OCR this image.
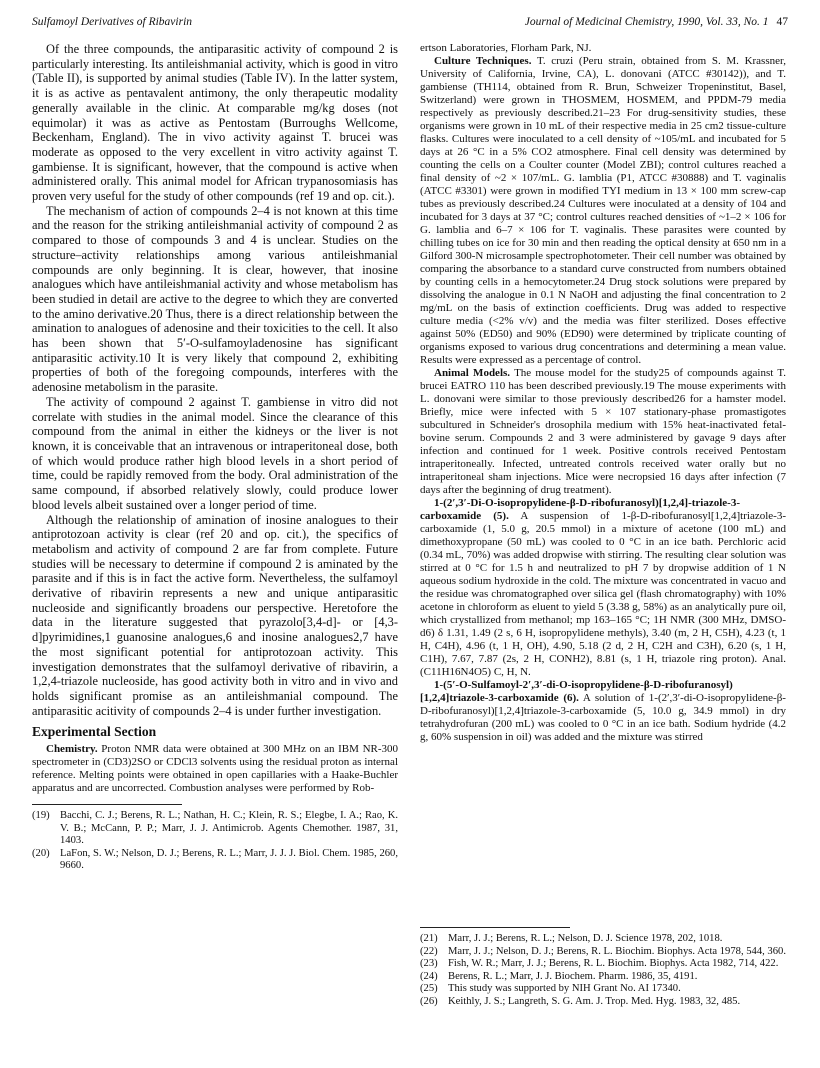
Sulfamoyl Derivatives of Ribavirin	Journal of Medicinal Chemistry, 1990, Vol. 33, No. 1 47

Of the three compounds, the antiparasitic activity of compound 2 is particularly interesting. Its antileishmanial activity, which is good in vitro (Table II), is supported by animal studies (Table IV). In the latter system, it is as active as pentavalent antimony, the only therapeutic modality generally available in the clinic. At comparable mg/kg doses (not equimolar) it was as active as Pentostam (Burroughs Wellcome, Beckenham, England). The in vivo activity against T. brucei was moderate as opposed to the very excellent in vitro activity against T. gambiense. It is significant, however, that the compound is active when administered orally. This animal model for African trypanosomiasis has proven very useful for the study of other compounds (ref 19 and op. cit.).

The mechanism of action of compounds 2–4 is not known at this time and the reason for the striking antileishmanial activity of compound 2 as compared to those of compounds 3 and 4 is unclear. Studies on the structure–activity relationships among various antileishmanial compounds are only beginning. It is clear, however, that inosine analogues which have antileishmanial activity and whose metabolism has been studied in detail are active to the degree to which they are converted to the amino derivative.20 Thus, there is a direct relationship between the amination to analogues of adenosine and their toxicities to the cell. It also has been shown that 5′-O-sulfamoyladenosine has significant antiparasitic activity.10 It is very likely that compound 2, exhibiting properties of both of the foregoing compounds, interferes with the adenosine metabolism in the parasite.

The activity of compound 2 against T. gambiense in vitro did not correlate with studies in the animal model. Since the clearance of this compound from the animal in either the kidneys or the liver is not known, it is conceivable that an intravenous or intraperitoneal dose, both of which would produce rather high blood levels in a short period of time, could be rapidly removed from the body. Oral administration of the same compound, if absorbed relatively slowly, could produce lower blood levels albeit sustained over a longer period of time.

Although the relationship of amination of inosine analogues to their antiprotozoan activity is clear (ref 20 and op. cit.), the specifics of metabolism and activity of compound 2 are far from complete. Future studies will be necessary to determine if compound 2 is aminated by the parasite and if this is in fact the active form. Nevertheless, the sulfamoyl derivative of ribavirin represents a new and unique antiparasitic nucleoside and significantly broadens our perspective. Heretofore the data in the literature suggested that pyrazolo[3,4-d]- or [4,3-d]pyrimidines,1 guanosine analogues,6 and inosine analogues2,7 have the most significant potential for antiprotozoan activity. This investigation demonstrates that the sulfamoyl derivative of ribavirin, a 1,2,4-triazole nucleoside, has good activity both in vitro and in vivo and holds significant promise as an antileishmanial compound. The antiparasitic acitivity of compounds 2–4 is under further investigation.

Experimental Section

Chemistry. Proton NMR data were obtained at 300 MHz on an IBM NR-300 spectrometer in (CD3)2SO or CDCl3 solvents using the residual proton as internal reference. Melting points were obtained in open capillaries with a Haake-Buchler apparatus and are uncorrected. Combustion analyses were performed by Rob-

(19) Bacchi, C. J.; Berens, R. L.; Nathan, H. C.; Klein, R. S.; Elegbe, I. A.; Rao, K. V. B.; McCann, P. P.; Marr, J. J. Antimicrob. Agents Chemother. 1987, 31, 1403.
(20) LaFon, S. W.; Nelson, D. J.; Berens, R. L.; Marr, J. J. J. Biol. Chem. 1985, 260, 9660.

ertson Laboratories, Florham Park, NJ.

Culture Techniques. T. cruzi (Peru strain, obtained from S. M. Krassner, University of California, Irvine, CA), L. donovani (ATCC #30142)), and T. gambiense (TH114, obtained from R. Brun, Schweizer Tropeninstitut, Basel, Switzerland) were grown in THOSMEM, HOSMEM, and PPDM-79 media respectively as previously described.21–23 For drug-sensitivity studies, these organisms were grown in 10 mL of their respective media in 25 cm2 tissue-culture flasks. Cultures were inoculated to a cell density of ~105/mL and incubated for 5 days at 26 °C in a 5% CO2 atmosphere. Final cell density was determined by counting the cells on a Coulter counter (Model ZBI); control cultures reached a final density of ~2 × 107/mL. G. lamblia (P1, ATCC #30888) and T. vaginalis (ATCC #3301) were grown in modified TYI medium in 13 × 100 mm screw-cap tubes as previously described.24 Cultures were inoculated at a density of 104 and incubated for 3 days at 37 °C; control cultures reached densities of ~1–2 × 106 for G. lamblia and 6–7 × 106 for T. vaginalis. These parasites were counted by chilling tubes on ice for 30 min and then reading the optical density at 650 nm in a Gilford 300-N microsample spectrophotometer. Their cell number was obtained by comparing the absorbance to a standard curve constructed from numbers obtained by counting cells in a hemocytometer.24 Drug stock solutions were prepared by dissolving the analogue in 0.1 N NaOH and adjusting the final concentration to 2 mg/mL on the basis of extinction coefficients. Drug was added to respective culture media (<2% v/v) and the media was filter sterilized. Doses effective against 50% (ED50) and 90% (ED90) were determined by triplicate counting of organisms exposed to various drug concentrations and determining a mean value. Results were expressed as a percentage of control.

Animal Models. The mouse model for the study25 of compounds against T. brucei EATRO 110 has been described previously.19 The mouse experiments with L. donovani were similar to those previously described26 for a hamster model. Briefly, mice were infected with 5 × 107 stationary-phase promastigotes subcultured in Schneider's drosophila medium with 15% heat-inactivated fetal-bovine serum. Compounds 2 and 3 were administered by gavage 9 days after infection and continued for 1 week. Positive controls received Pentostam intraperitoneally. Infected, untreated controls received water orally but no intraperitoneal sham injections. Mice were necropsied 16 days after infection (7 days after the beginning of drug treatment).

1-(2′,3′-Di-O-isopropylidene-β-D-ribofuranosyl)[1,2,4]-triazole-3-carboxamide (5). A suspension of 1-β-D-ribofuranosyl[1,2,4]triazole-3-carboxamide (1, 5.0 g, 20.5 mmol) in a mixture of acetone (100 mL) and dimethoxypropane (50 mL) was cooled to 0 °C in an ice bath. Perchloric acid (0.34 mL, 70%) was added dropwise with stirring. The resulting clear solution was stirred at 0 °C for 1.5 h and neutralized to pH 7 by dropwise addition of 1 N aqueous sodium hydroxide in the cold. The mixture was concentrated in vacuo and the residue was chromatographed over silica gel (flash chromatography) with 10% acetone in chloroform as eluent to yield 5 (3.38 g, 58%) as an analytically pure oil, which crystallized from methanol; mp 163–165 °C; 1H NMR (300 MHz, DMSO-d6) δ 1.31, 1.49 (2 s, 6 H, isopropylidene methyls), 3.40 (m, 2 H, C5H), 4.23 (t, 1 H, C4H), 4.96 (t, 1 H, OH), 4.90, 5.18 (2 d, 2 H, C2H and C3H), 6.20 (s, 1 H, C1H), 7.67, 7.87 (2s, 2 H, CONH2), 8.81 (s, 1 H, triazole ring proton). Anal. (C11H16N4O5) C, H, N.

1-(5′-O-Sulfamoyl-2′,3′-di-O-isopropylidene-β-D-ribofuranosyl)[1,2,4]triazole-3-carboxamide (6). A solution of 1-(2′,3′-di-O-isopropylidene-β-D-ribofuranosyl)[1,2,4]triazole-3-carboxamide (5, 10.0 g, 34.9 mmol) in dry tetrahydrofuran (200 mL) was cooled to 0 °C in an ice bath. Sodium hydride (4.2 g, 60% suspension in oil) was added and the mixture was stirred

(21) Marr, J. J.; Berens, R. L.; Nelson, D. J. Science 1978, 202, 1018.
(22) Marr, J. J.; Nelson, D. J.; Berens, R. L. Biochim. Biophys. Acta 1978, 544, 360.
(23) Fish, W. R.; Marr, J. J.; Berens, R. L. Biochim. Biophys. Acta 1982, 714, 422.
(24) Berens, R. L.; Marr, J. J. Biochem. Pharm. 1986, 35, 4191.
(25) This study was supported by NIH Grant No. AI 17340.
(26) Keithly, J. S.; Langreth, S. G. Am. J. Trop. Med. Hyg. 1983, 32, 485.
